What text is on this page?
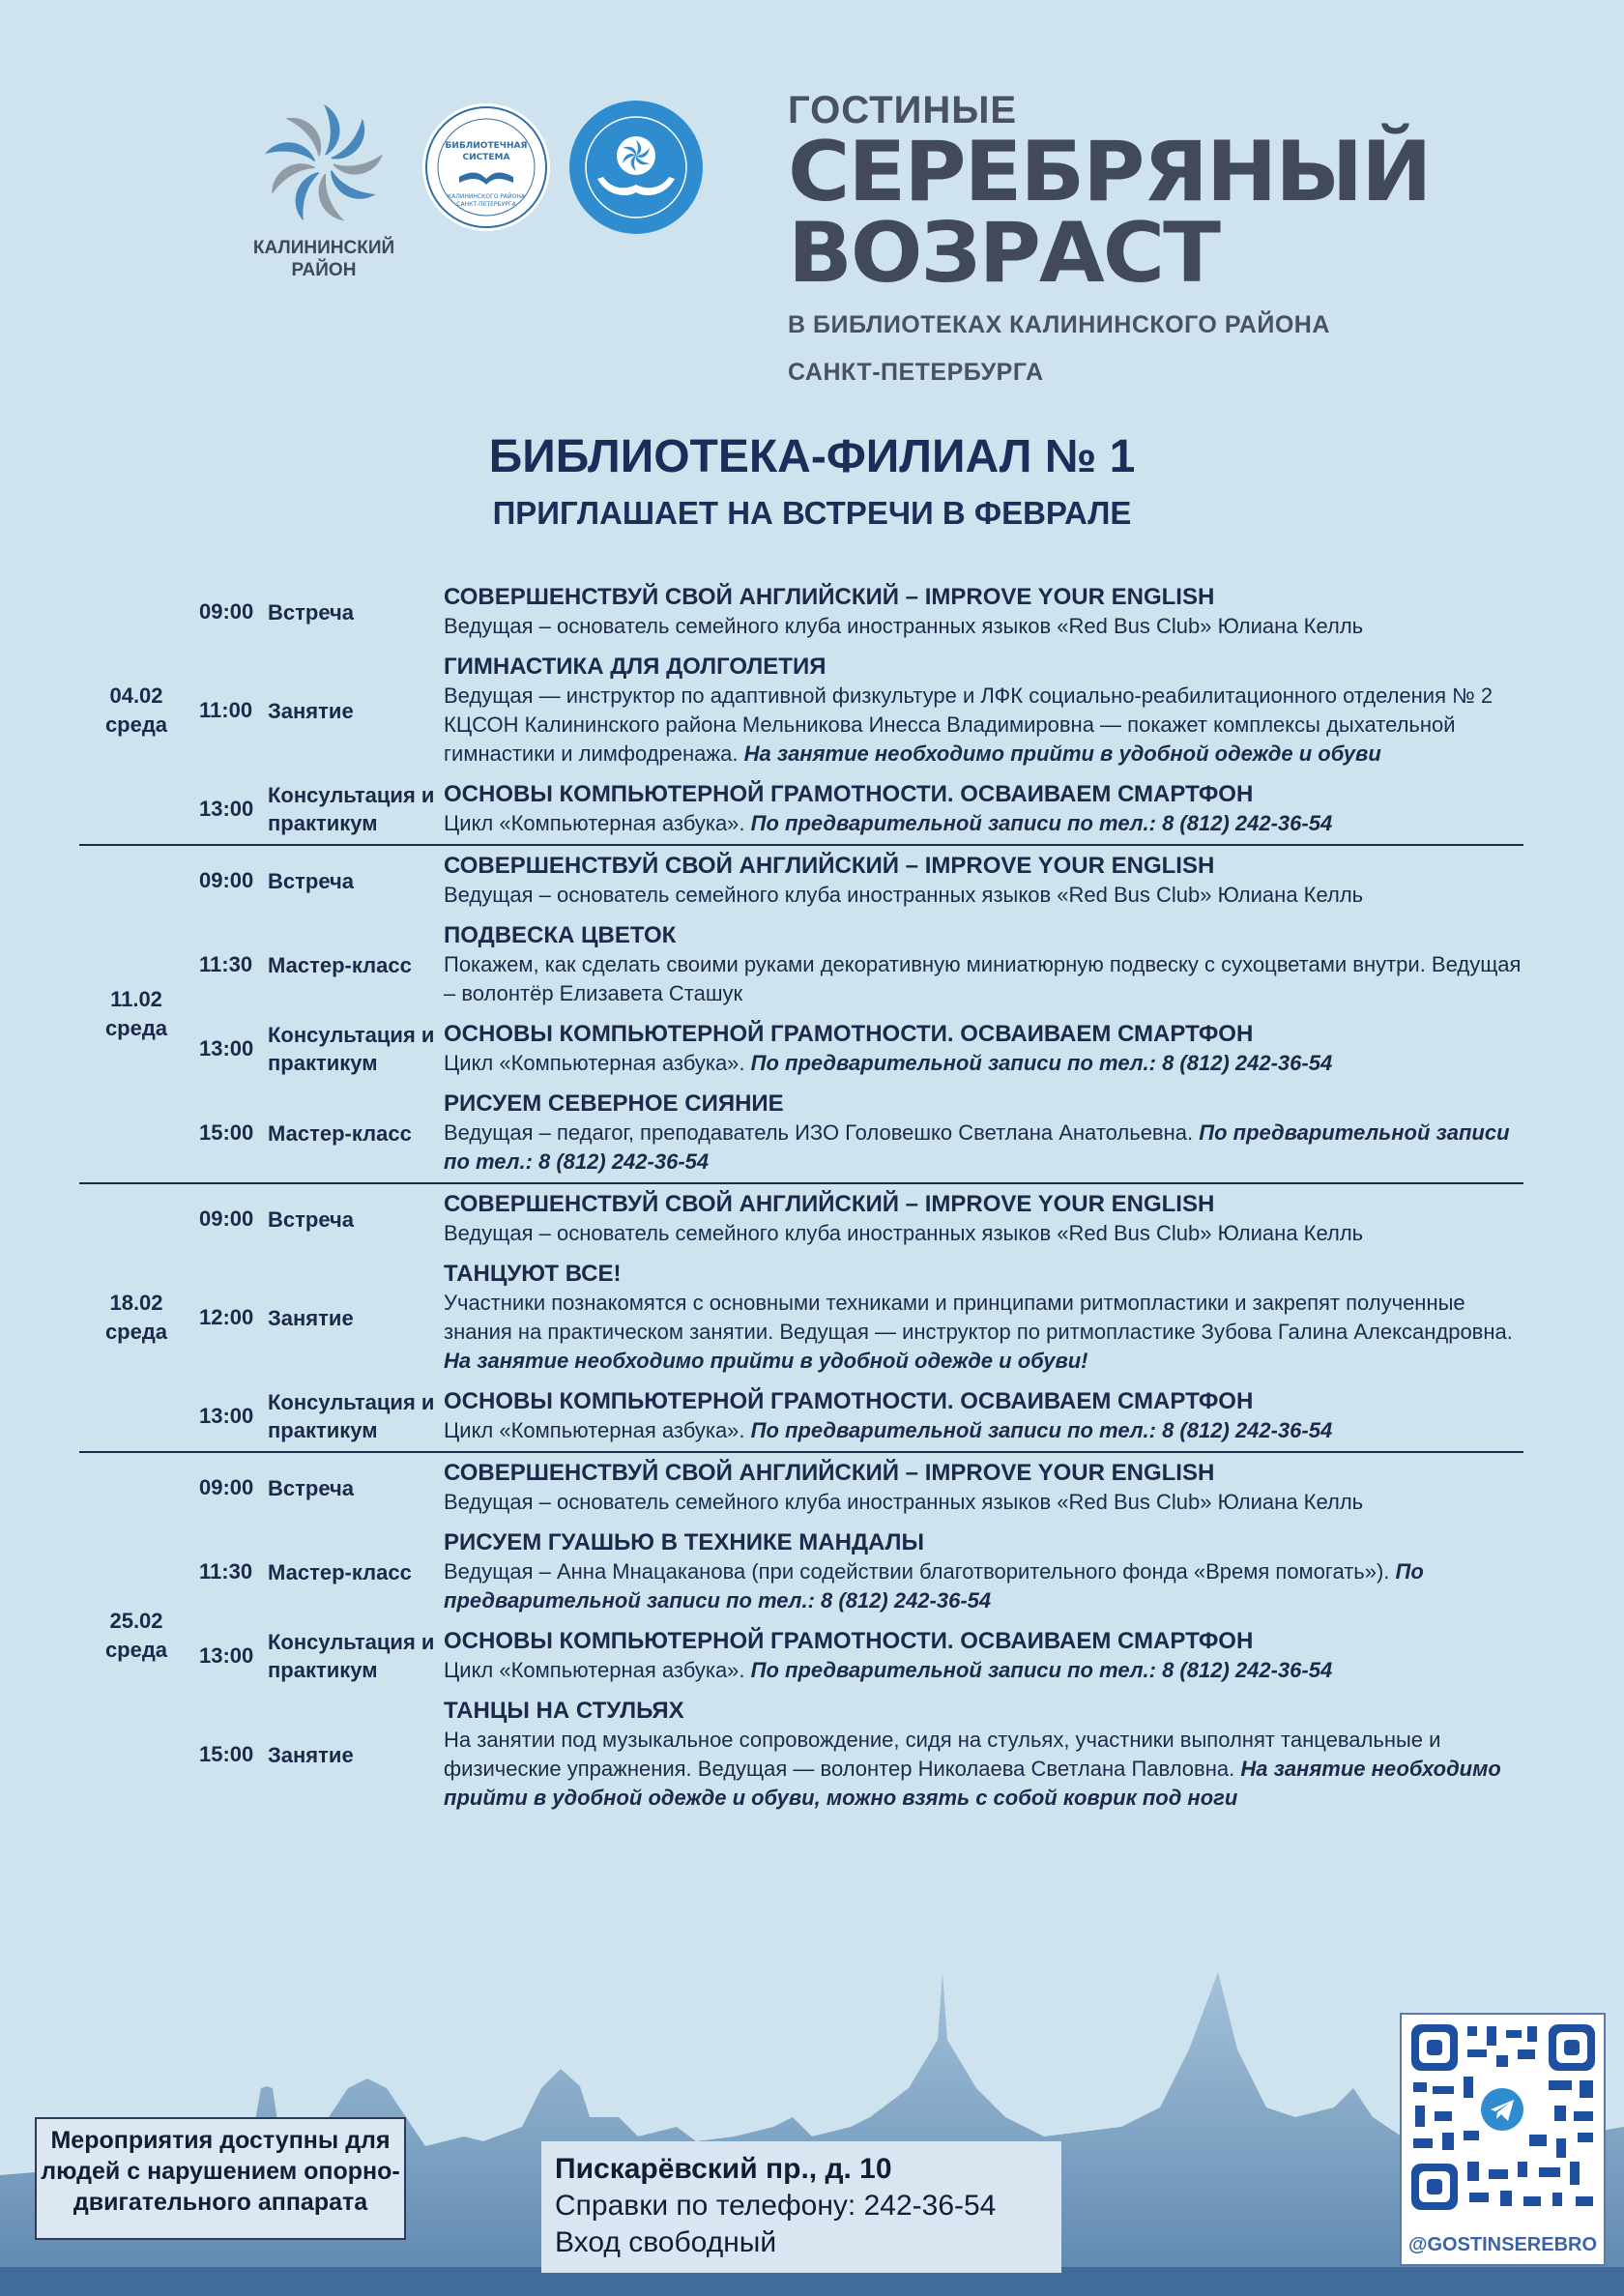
КАЛИНИНСКИЙ
РАЙОН
БИБЛИОТЕЧНАЯ
СИСТЕМА
КАЛИНИНСКОГО РАЙОНА
САНКТ-ПЕТЕРБУРГА
ГОСТИНЫЕ
СЕРЕБРЯНЫЙ
ВОЗРАСТ
В БИБЛИОТЕКАХ КАЛИНИНСКОГО РАЙОНА
САНКТ-ПЕТЕРБУРГА
БИБЛИОТЕКА-ФИЛИАЛ № 1
ПРИГЛАШАЕТ НА ВСТРЕЧИ В ФЕВРАЛЕ
04.02
среда
09:00 Встреча
СОВЕРШЕНСТВУЙ СВОЙ АНГЛИЙСКИЙ – IMPROVE YOUR ENGLISH
Ведущая – основатель семейного клуба иностранных языков «Red Bus Club» Юлиана Келль
11:00 Занятие
ГИМНАСТИКА ДЛЯ ДОЛГОЛЕТИЯ
Ведущая — инструктор по адаптивной физкультуре и ЛФК социально-реабилитационного отделения № 2 КЦСОН Калининского района Мельникова Инесса Владимировна — покажет комплексы дыхательной гимнастики и лимфодренажа. На занятие необходимо прийти в удобной одежде и обуви
13:00
Консультация и практикум
ОСНОВЫ КОМПЬЮТЕРНОЙ ГРАМОТНОСТИ. ОСВАИВАЕМ СМАРТФОН
Цикл «Компьютерная азбука». По предварительной записи по тел.: 8 (812) 242-36-54
11.02
среда
09:00 Встреча
СОВЕРШЕНСТВУЙ СВОЙ АНГЛИЙСКИЙ – IMPROVE YOUR ENGLISH
Ведущая – основатель семейного клуба иностранных языков «Red Bus Club» Юлиана Келль
11:30 Мастер-класс
ПОДВЕСКА ЦВЕТОК
Покажем, как сделать своими руками декоративную миниатюрную подвеску с сухоцветами внутри. Ведущая – волонтёр Елизавета Сташук
13:00
Консультация и практикум
ОСНОВЫ КОМПЬЮТЕРНОЙ ГРАМОТНОСТИ. ОСВАИВАЕМ СМАРТФОН
Цикл «Компьютерная азбука». По предварительной записи по тел.: 8 (812) 242-36-54
15:00 Мастер-класс
РИСУЕМ СЕВЕРНОЕ СИЯНИЕ
Ведущая – педагог, преподаватель ИЗО Головешко Светлана Анатольевна. По предварительной записи по тел.: 8 (812) 242-36-54
18.02
среда
09:00 Встреча
СОВЕРШЕНСТВУЙ СВОЙ АНГЛИЙСКИЙ – IMPROVE YOUR ENGLISH
Ведущая – основатель семейного клуба иностранных языков «Red Bus Club» Юлиана Келль
12:00 Занятие
ТАНЦУЮТ ВСЕ!
Участники познакомятся с основными техниками и принципами ритмопластики и закрепят полученные знания на практическом занятии. Ведущая — инструктор по ритмопластике Зубова Галина Александровна. На занятие необходимо прийти в удобной одежде и обуви!
13:00
Консультация и практикум
ОСНОВЫ КОМПЬЮТЕРНОЙ ГРАМОТНОСТИ. ОСВАИВАЕМ СМАРТФОН
Цикл «Компьютерная азбука». По предварительной записи по тел.: 8 (812) 242-36-54
25.02
среда
09:00 Встреча
СОВЕРШЕНСТВУЙ СВОЙ АНГЛИЙСКИЙ – IMPROVE YOUR ENGLISH
Ведущая – основатель семейного клуба иностранных языков «Red Bus Club» Юлиана Келль
11:30 Мастер-класс
РИСУЕМ ГУАШЬЮ В ТЕХНИКЕ МАНДАЛЫ
Ведущая – Анна Мнацаканова (при содействии благотворительного фонда «Время помогать»). По предварительной записи по тел.: 8 (812) 242-36-54
13:00
Консультация и практикум
ОСНОВЫ КОМПЬЮТЕРНОЙ ГРАМОТНОСТИ. ОСВАИВАЕМ СМАРТФОН
Цикл «Компьютерная азбука». По предварительной записи по тел.: 8 (812) 242-36-54
15:00 Занятие
ТАНЦЫ НА СТУЛЬЯХ
На занятии под музыкальное сопровождение, сидя на стульях, участники выполнят танцевальные и физические упражнения. Ведущая — волонтер Николаева Светлана Павловна. На занятие необходимо прийти в удобной одежде и обуви, можно взять с собой коврик под ноги
Мероприятия доступны для людей с нарушением опорно-двигательного аппарата
Пискарёвский пр., д. 10
Справки по телефону: 242-36-54
Вход свободный	@GOSTINSEREBRO
